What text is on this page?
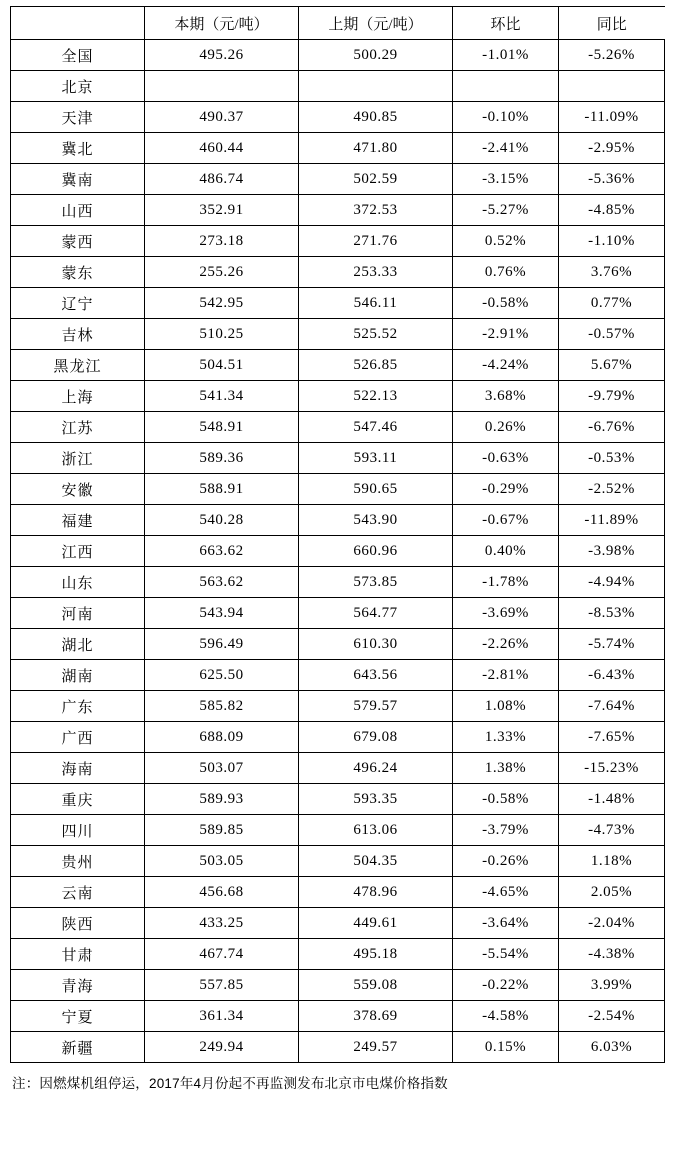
	本期（元/吨）	上期（元/吨）	环比	同比
全国	495.26	500.29	-1.01%	-5.26%
北京				
天津	490.37	490.85	-0.10%	-11.09%
冀北	460.44	471.80	-2.41%	-2.95%
冀南	486.74	502.59	-3.15%	-5.36%
山西	352.91	372.53	-5.27%	-4.85%
蒙西	273.18	271.76	0.52%	-1.10%
蒙东	255.26	253.33	0.76%	3.76%
辽宁	542.95	546.11	-0.58%	0.77%
吉林	510.25	525.52	-2.91%	-0.57%
黑龙江	504.51	526.85	-4.24%	5.67%
上海	541.34	522.13	3.68%	-9.79%
江苏	548.91	547.46	0.26%	-6.76%
浙江	589.36	593.11	-0.63%	-0.53%
安徽	588.91	590.65	-0.29%	-2.52%
福建	540.28	543.90	-0.67%	-11.89%
江西	663.62	660.96	0.40%	-3.98%
山东	563.62	573.85	-1.78%	-4.94%
河南	543.94	564.77	-3.69%	-8.53%
湖北	596.49	610.30	-2.26%	-5.74%
湖南	625.50	643.56	-2.81%	-6.43%
广东	585.82	579.57	1.08%	-7.64%
广西	688.09	679.08	1.33%	-7.65%
海南	503.07	496.24	1.38%	-15.23%
重庆	589.93	593.35	-0.58%	-1.48%
四川	589.85	613.06	-3.79%	-4.73%
贵州	503.05	504.35	-0.26%	1.18%
云南	456.68	478.96	-4.65%	2.05%
陕西	433.25	449.61	-3.64%	-2.04%
甘肃	467.74	495.18	-5.54%	-4.38%
青海	557.85	559.08	-0.22%	3.99%
宁夏	361.34	378.69	-4.58%	-2.54%
新疆	249.94	249.57	0.15%	6.03%
注：因燃煤机组停运，2017年4月份起不再监测发布北京市电煤价格指数
